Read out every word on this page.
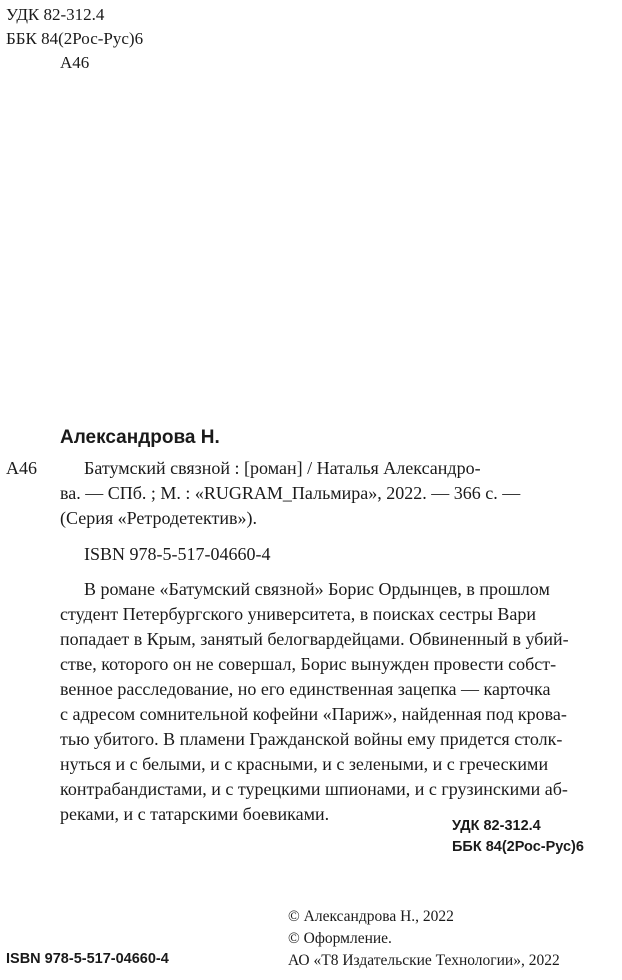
УДК 82-312.4
ББК 84(2Рос-Рус)6
А46
Александрова Н.
А46	Батумский связной : [роман] / Наталья Александро-
ва. — СПб. ; М. : «RUGRAM_Пальмира», 2022. — 366 с. —
(Серия «Ретродетектив»).
ISBN 978-5-517-04660-4
В романе «Батумский связной» Борис Ордынцев, в прошлом
студент Петербургского университета, в поисках сестры Вари
попадает в Крым, занятый белогвардейцами. Обвиненный в убий-
стве, которого он не совершал, Борис вынужден провести собст-
венное расследование, но его единственная зацепка — карточка
с адресом сомнительной кофейни «Париж», найденная под крова-
тью убитого. В пламени Гражданской войны ему придется столк-
нуться и с белыми, и с красными, и с зелеными, и с греческими
контрабандистами, и с турецкими шпионами, и с грузинскими аб-
реками, и с татарскими боевиками.
УДК 82-312.4
ББК 84(2Рос-Рус)6
© Александрова Н., 2022
© Оформление.
АО «Т8 Издательские Технологии», 2022
ISBN 978-5-517-04660-4
